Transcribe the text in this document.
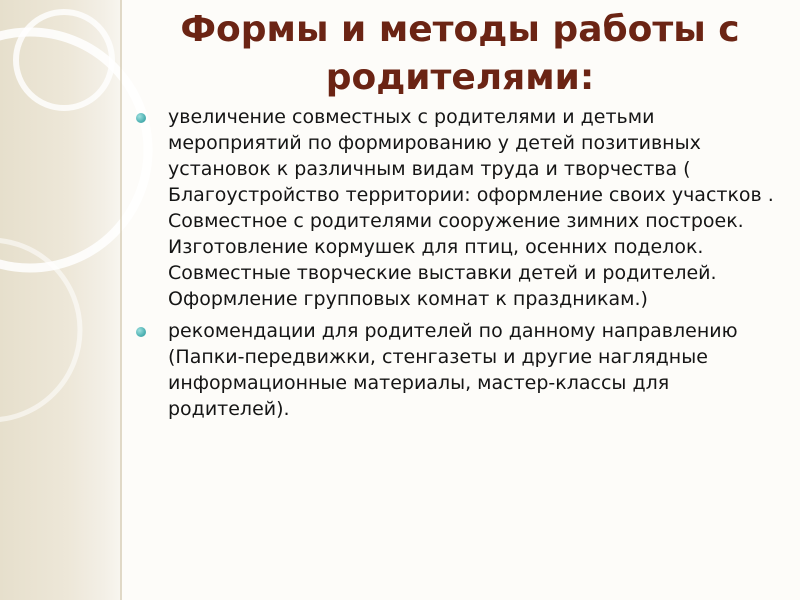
Формы и методы работы с родителями:
увеличение совместных с родителями и детьми мероприятий по формированию у детей позитивных установок к различным видам труда и творчества ( Благоустройство территории: оформление своих участков . Совместное с родителями сооружение зимних построек. Изготовление кормушек для птиц, осенних поделок. Совместные творческие выставки детей и родителей. Оформление групповых комнат к праздникам.)
рекомендации для родителей по данному направлению (Папки-передвижки, стенгазеты и другие наглядные информационные материалы, мастер-классы для родителей).
